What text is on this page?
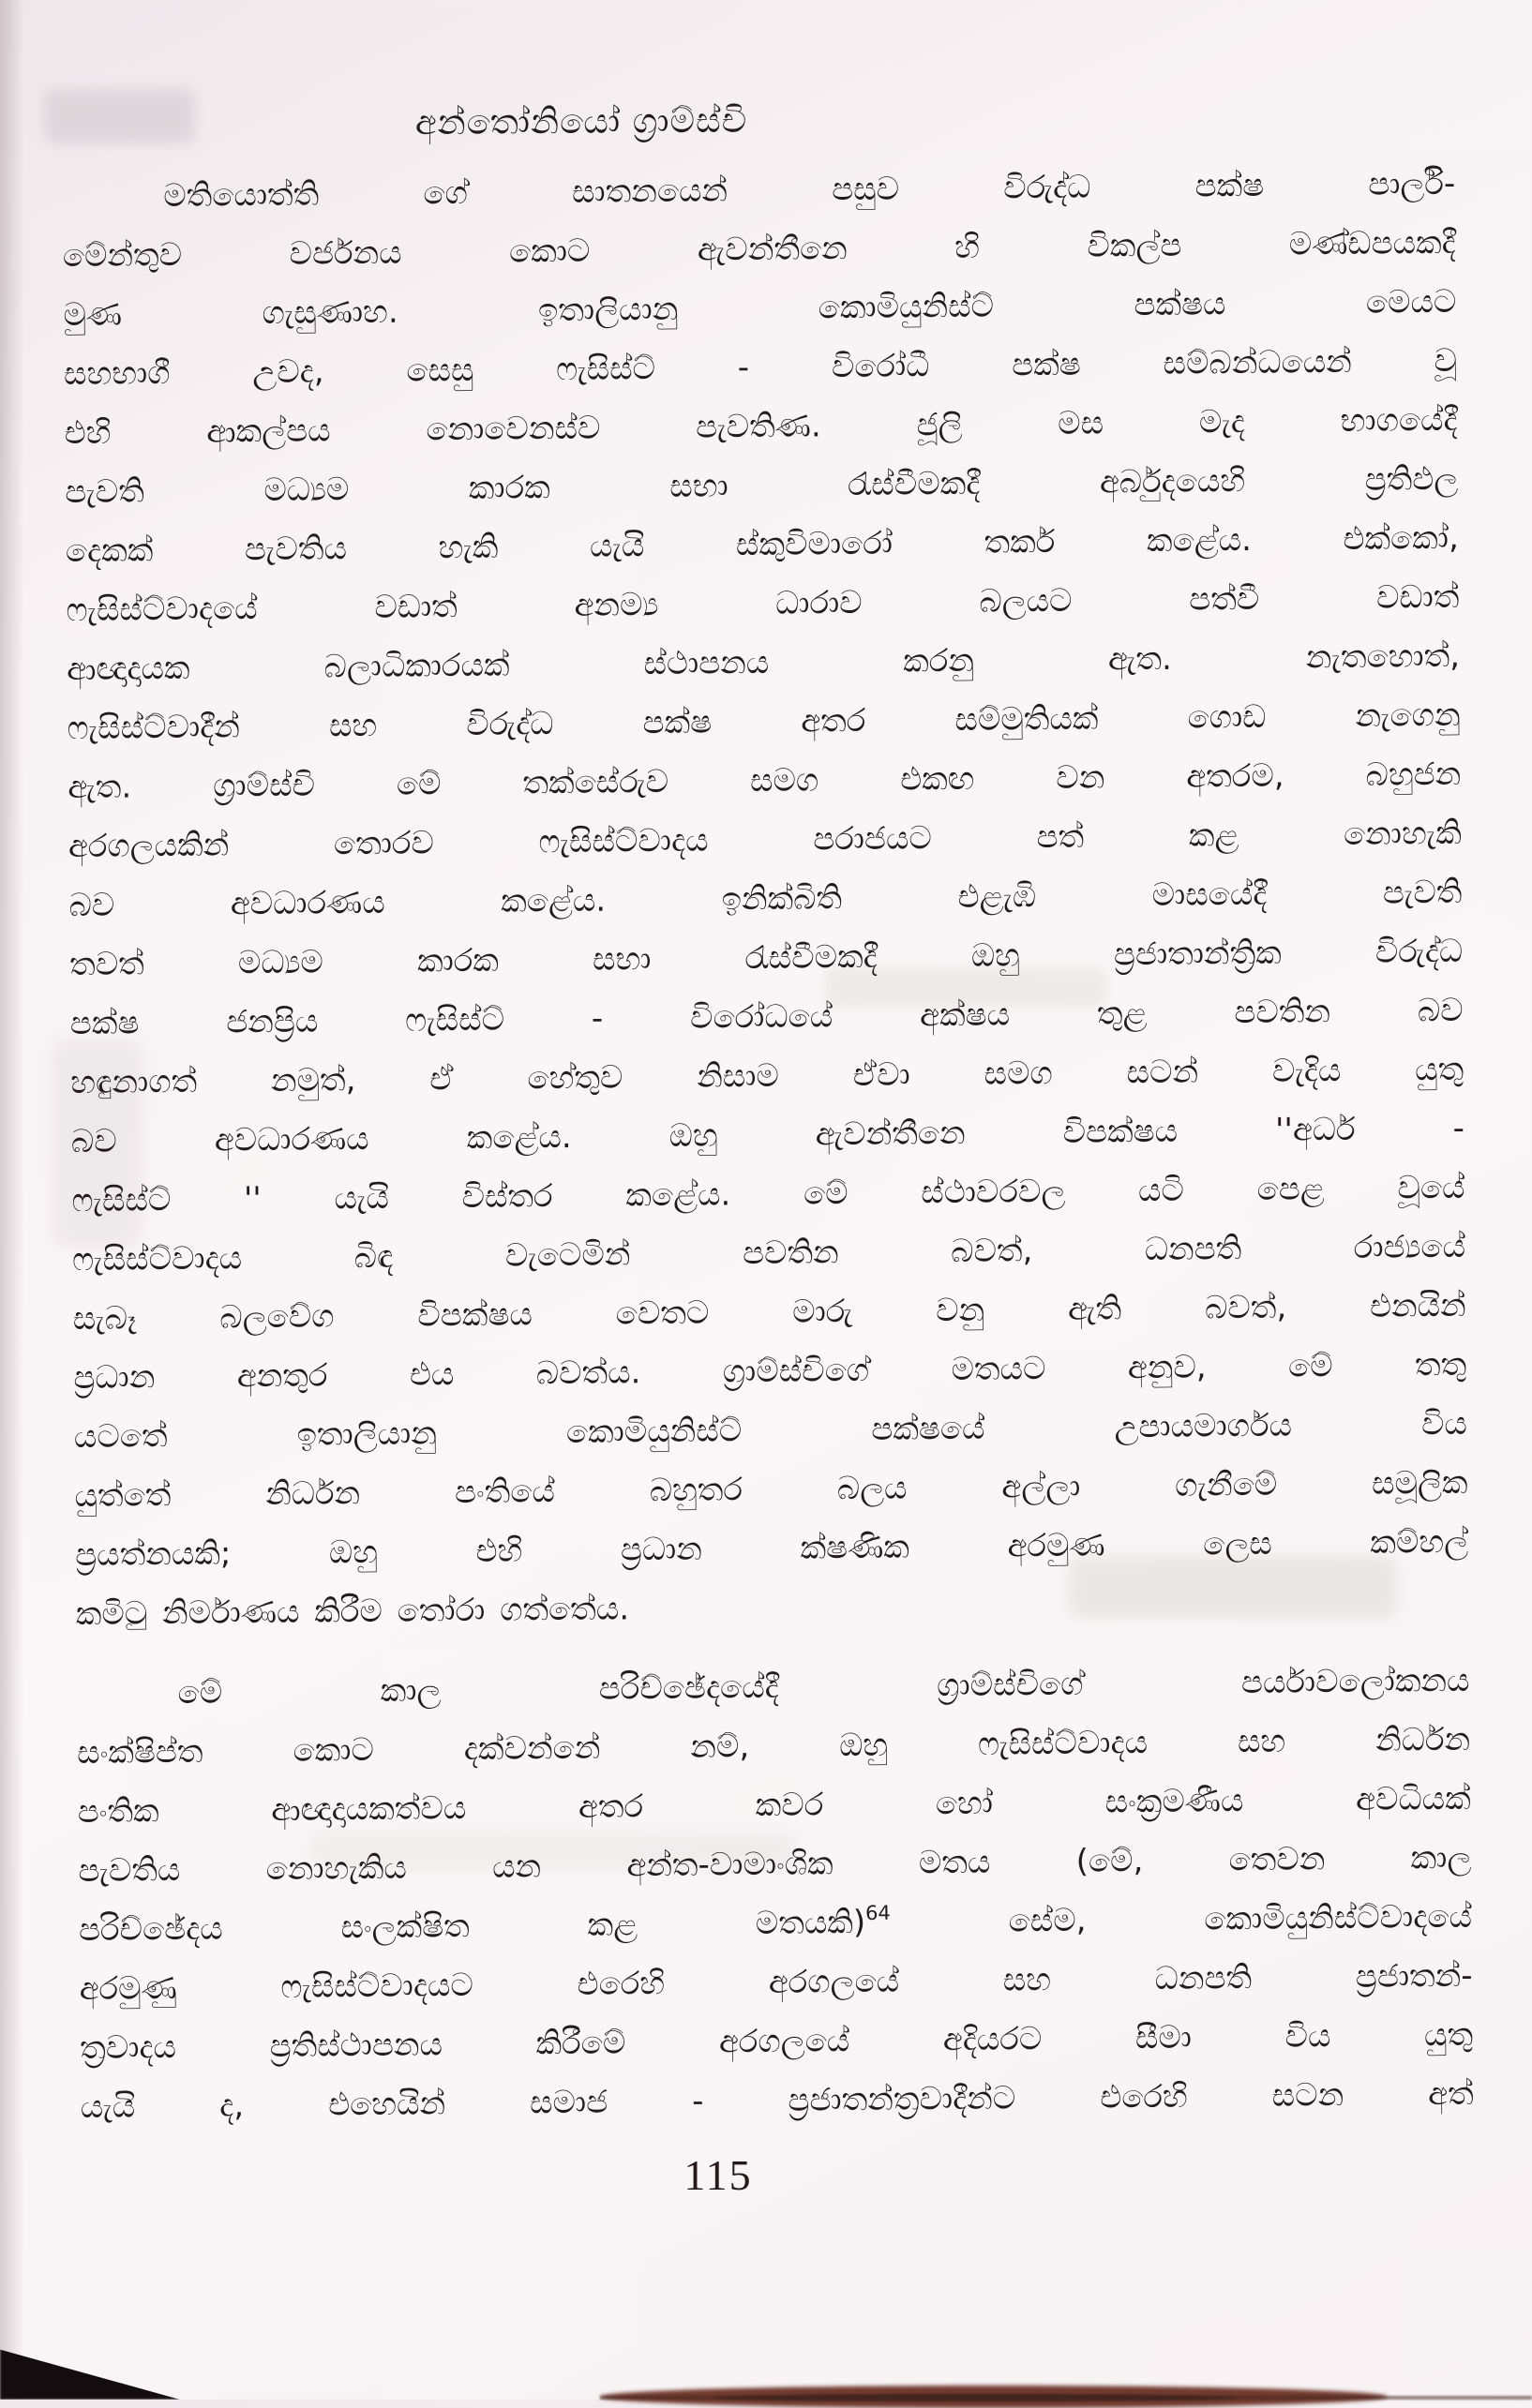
අන්තෝනියෝ ග්‍රාම්ස්චි
මතියොත්ති ගේ සාතනයෙන් පසුව විරුද්ධ පක්ෂ පාර්ලි-
මේන්තුව වර්ජනය කොට ඇවන්තීනෙ හි විකල්ප මණ්ඩපයකදී
මුණ ගැසුණාහ. ඉතාලියානු කොමියුනිස්ට් පක්ෂය මෙයට
සහභාගී උවද, සෙසු ෆැසිස්ට් - විරෝධී පක්ෂ සම්බන්ධයෙන් වූ
එහි ආකල්පය නොවෙනස්ව පැවතිණ. ජූලි මස මැද භාගයේදී
පැවති මධ්‍යම කාරක සභා රැස්වීමකදී අර්බුදයෙහි ප්‍රතිඵල
දෙකක් පැවතිය හැකි යැයි ස්කුවිමාරෝ තර්ක කළේය. එක්කෝ,
ෆැසිස්ට්වාදයේ වඩාත් අනම්‍ය ධාරාව බලයට පත්වී වඩාත්
ආඥාදායක බලාධිකාරයක් ස්ථාපනය කරනු ඇත. නැතහොත්,
ෆැසිස්ට්වාදීන් සහ විරුද්ධ පක්ෂ අතර සම්මුතියක් ගොඩ නැගෙනු
ඇත. ග්‍රාම්ස්චි මේ තක්සේරුව සමග එකඟ වන අතරම, බහුජන
අරගලයකින් තොරව ෆැසිස්ට්වාදය පරාජයට පත් කළ නොහැකි
බව අවධාරණය කළේය. ඉනික්බිති එළැඹි මාසයේදී පැවති
තවත් මධ්‍යම කාරක සභා රැස්වීමකදී ඔහු ප්‍රජාතාන්ත්‍රික විරුද්ධ
පක්ෂ ජනප්‍රිය ෆැසිස්ට් - විරෝධයේ අක්ෂය තුළ පවතින බව
හඳුනාගත් නමුත්, ඒ හේතුව නිසාම ඒවා සමග සටන් වැදිය යුතු
බව අවධාරණය කළේය. ඔහු ඇවන්තීනෙ විපක්ෂය ''අර්ධ -
ෆැසිස්ට් '' යැයි විස්තර කළේය. මේ ස්ථාවරවල යටි පෙළ වූයේ
ෆැසිස්ට්වාදය බිඳ වැටෙමින් පවතින බවත්, ධනපති රාජ්‍යයේ
සැබෑ බලවේග විපක්ෂය වෙතට මාරු වනු ඇති බවත්, එනයින්
ප්‍රධාන අනතුර එය බවත්ය. ග්‍රාම්ස්චිගේ මතයට අනුව, මේ තතු
යටතේ ඉතාලියානු කොමියුනිස්ට් පක්ෂයේ උපායමාර්ගය විය
යුත්තේ නිර්ධන පංතියේ බහුතර බලය අල්ලා ගැනීමේ සමූලික
ප්‍රයත්නයකි; ඔහු එහි ප්‍රධාන ක්ෂණික අරමුණ ලෙස කම්හල්
කමිටු නිර්මාණය කිරීම තෝරා ගත්තේය.
මේ කාල පරිච්ඡේදයේදී ග්‍රාම්ස්චිගේ පර්යාවලෝකනය
සංක්ෂිප්ත කොට දක්වන්නේ නම්, ඔහු ෆැසිස්ට්වාදය සහ නිර්ධන
පංතික ආඥාදායකත්වය අතර කවර හෝ සංක්‍රමණීය අවධියක්
පැවතිය නොහැකිය යන අන්ත-වාමාංශික මතය (මේ, තෙවන කාල
පරිච්ඡේදය සංලක්ෂිත කළ මතයකි)$^{64}$ සේම, කොමියුනිස්ට්වාදයේ
අරමුණු ෆැසිස්ට්වාදයට එරෙහි අරගලයේ සහ ධනපති ප්‍රජාතන්-
ත්‍රවාදය ප්‍රතිස්ථාපනය කිරීමේ අරගලයේ අදියරට සීමා විය යුතු
යැයි ද, එහෙයින් සමාජ - ප්‍රජාතන්ත්‍රවාදීන්ට එරෙහි සටන අත්
115
